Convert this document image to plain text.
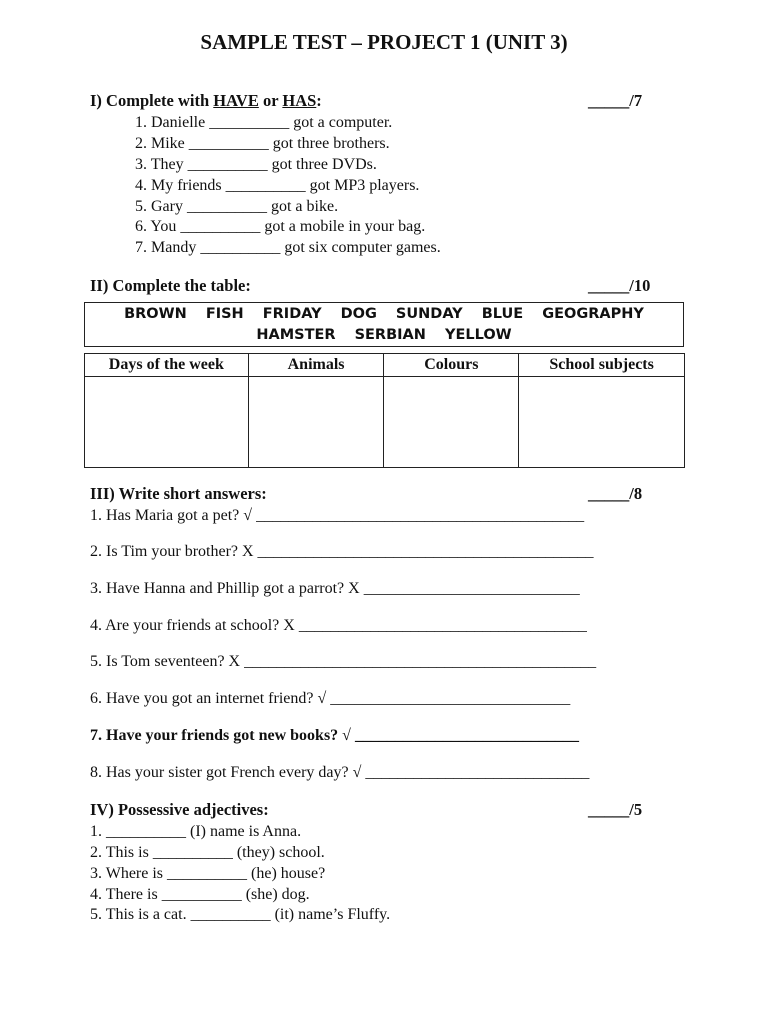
SAMPLE TEST – PROJECT 1 (UNIT 3)
I) Complete with HAVE or HAS:	_____/7
1. Danielle __________ got a computer.
2. Mike __________ got three brothers.
3. They __________ got three DVDs.
4. My friends __________ got MP3 players.
5. Gary __________ got a bike.
6. You __________ got a mobile in your bag.
7. Mandy __________ got six computer games.
II) Complete the table:	_____/10
BROWN FISH FRIDAY DOG SUNDAY BLUE GEOGRAPHY
HAMSTER SERBIAN YELLOW
Days of the week	Animals	Colours	School subjects

III) Write short answers:	_____/8
1. Has Maria got a pet? √ _________________________________________
2. Is Tim your brother? X __________________________________________
3. Have Hanna and Phillip got a parrot? X ___________________________
4. Are your friends at school? X ____________________________________
5. Is Tom seventeen? X ____________________________________________
6. Have you got an internet friend? √ ______________________________
7. Have your friends got new books? √ ____________________________
8. Has your sister got French every day? √ ____________________________
IV) Possessive adjectives:	_____/5
1. __________ (I) name is Anna.
2. This is __________ (they) school.
3. Where is __________ (he) house?
4. There is __________ (she) dog.
5. This is a cat. __________ (it) name’s Fluffy.
